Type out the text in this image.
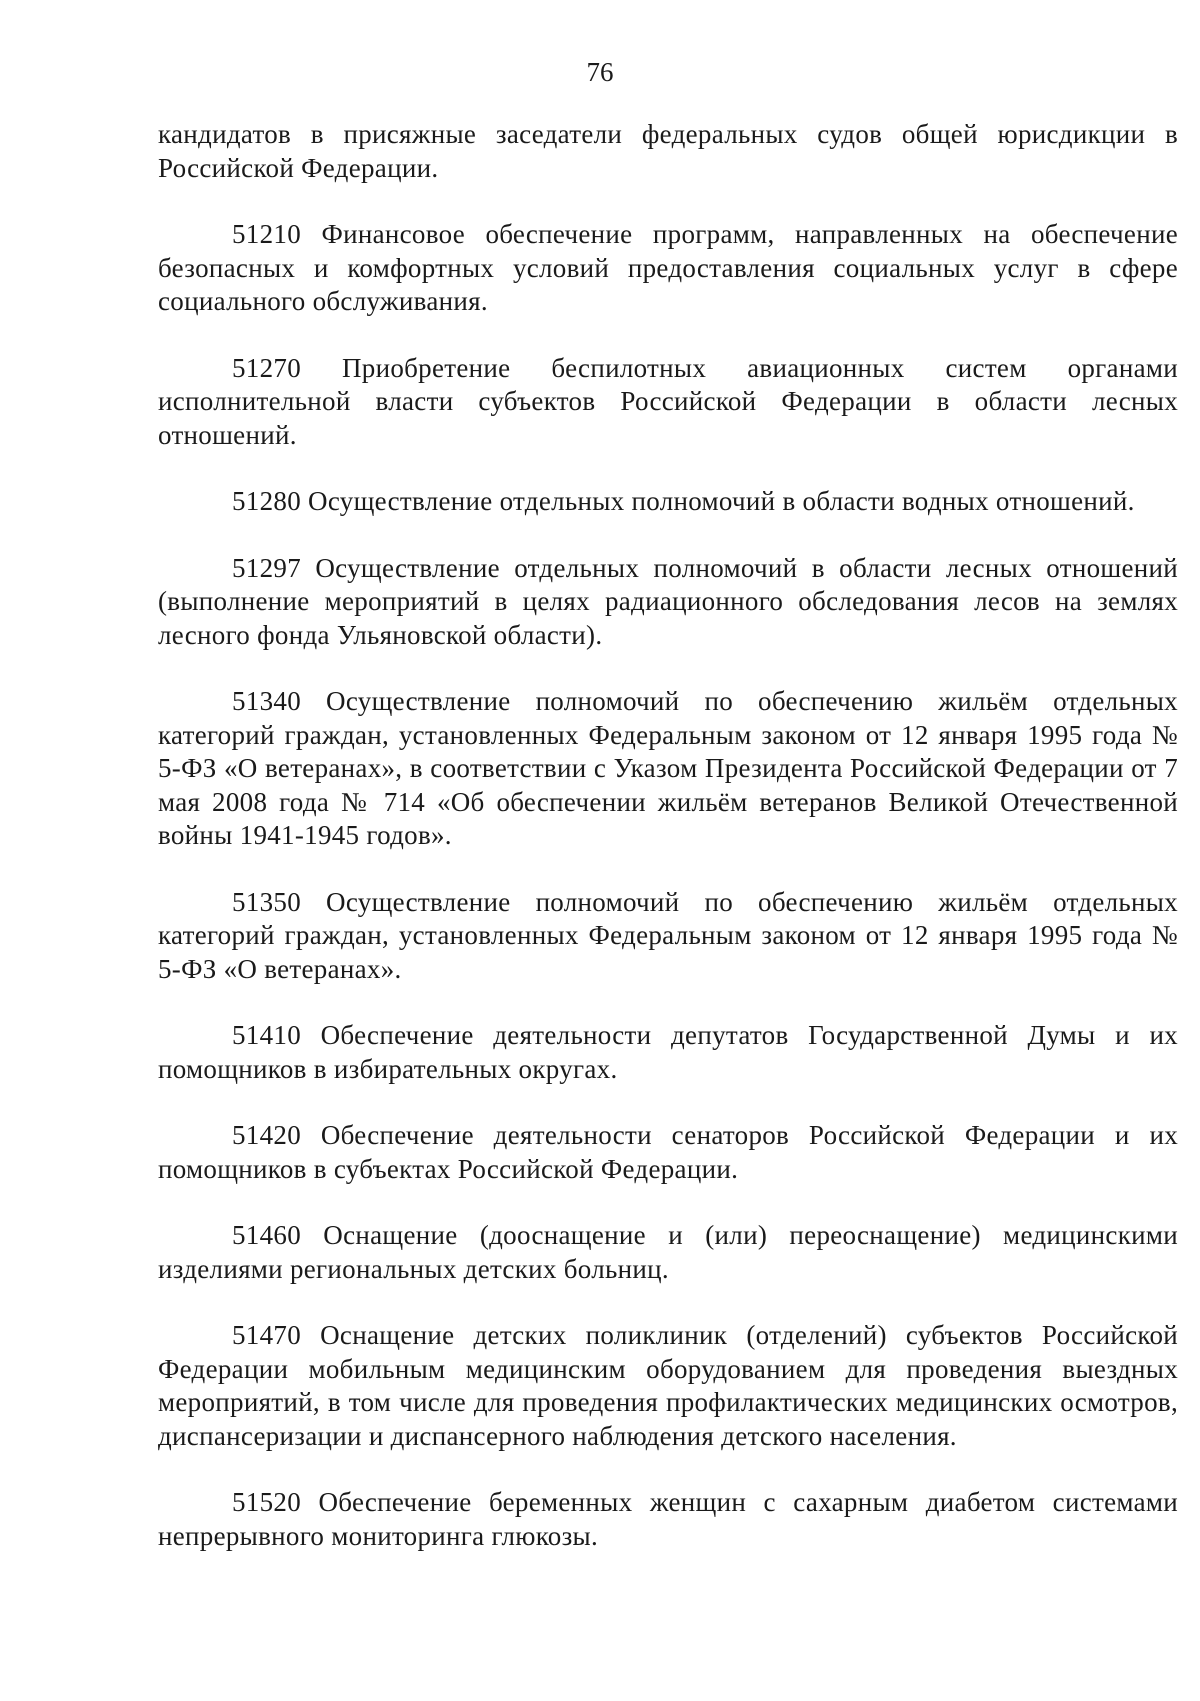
76

кандидатов в присяжные заседатели федеральных судов общей юрисдикции в Российской Федерации.

51210 Финансовое обеспечение программ, направленных на обеспечение безопасных и комфортных условий предоставления социальных услуг в сфере социального обслуживания.

51270 Приобретение беспилотных авиационных систем органами исполнительной власти субъектов Российской Федерации в области лесных отношений.

51280 Осуществление отдельных полномочий в области водных отношений.

51297 Осуществление отдельных полномочий в области лесных отношений (выполнение мероприятий в целях радиационного обследования лесов на землях лесного фонда Ульяновской области).

51340 Осуществление полномочий по обеспечению жильём отдельных категорий граждан, установленных Федеральным законом от 12 января 1995 года № 5-ФЗ «О ветеранах», в соответствии с Указом Президента Российской Федерации от 7 мая 2008 года № 714 «Об обеспечении жильём ветеранов Великой Отечественной войны 1941-1945 годов».

51350 Осуществление полномочий по обеспечению жильём отдельных категорий граждан, установленных Федеральным законом от 12 января 1995 года № 5-ФЗ «О ветеранах».

51410 Обеспечение деятельности депутатов Государственной Думы и их помощников в избирательных округах.

51420 Обеспечение деятельности сенаторов Российской Федерации и их помощников в субъектах Российской Федерации.

51460 Оснащение (дооснащение и (или) переоснащение) медицинскими изделиями региональных детских больниц.

51470 Оснащение детских поликлиник (отделений) субъектов Российской Федерации мобильным медицинским оборудованием для проведения выездных мероприятий, в том числе для проведения профилактических медицинских осмотров, диспансеризации и диспансерного наблюдения детского населения.

51520 Обеспечение беременных женщин с сахарным диабетом системами непрерывного мониторинга глюкозы.
